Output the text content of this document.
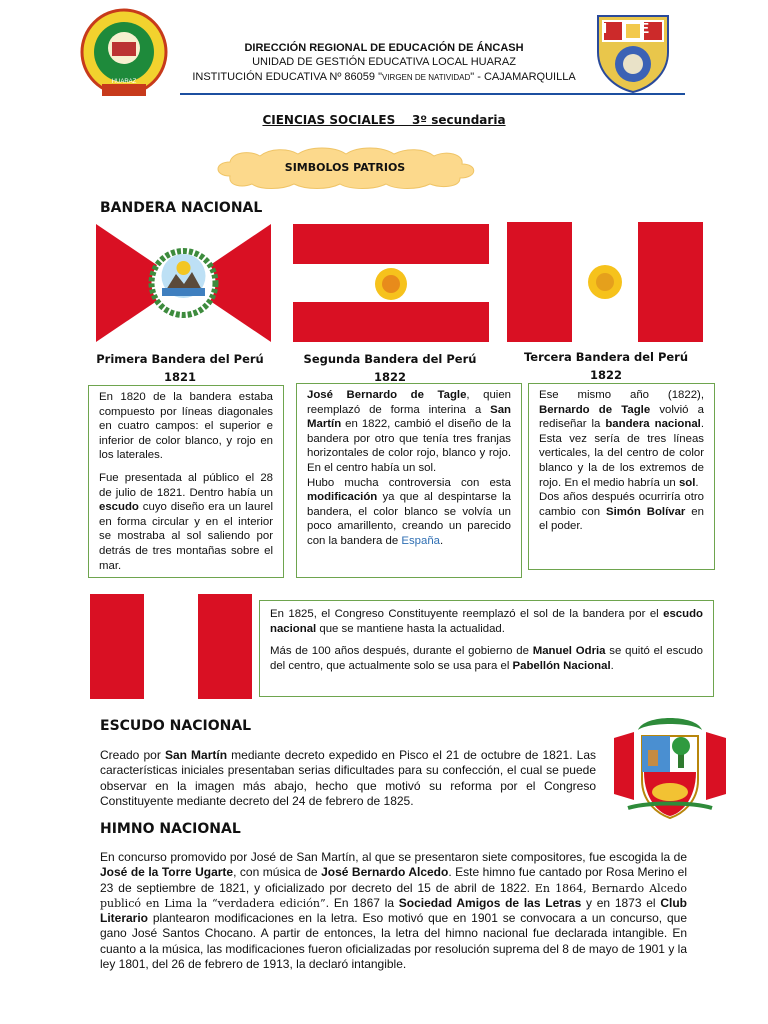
HUARAZ
I E
DIRECCIÓN REGIONAL DE EDUCACIÓN DE ÁNCASH
UNIDAD DE GESTIÓN EDUCATIVA LOCAL HUARAZ
INSTITUCIÓN EDUCATIVA Nº 86059 "VIRGEN DE NATIVIDAD" - CAJAMARQUILLA
CIENCIAS SOCIALES    3º secundaria
SIMBOLOS PATRIOS
BANDERA NACIONAL
Primera Bandera del Perú
1821
Segunda Bandera del Perú
1822
Tercera Bandera del Perú
1822

En 1820 de la bandera estaba compuesto por líneas diagonales en cuatro campos: el superior e inferior de color blanco, y rojo en los laterales.

Fue presentada al público el 28 de julio de 1821. Dentro había un escudo cuyo diseño era un laurel en forma circular y en el interior se mostraba al sol saliendo por detrás de tres montañas sobre el mar.

José Bernardo de Tagle, quien reemplazó de forma interina a San Martín en 1822, cambió el diseño de la bandera por otro que tenía tres franjas horizontales de color rojo, blanco y rojo. En el centro había un sol.

Hubo mucha controversia con esta modificación ya que al despintarse la bandera, el color blanco se volvía un poco amarillento, creando un parecido con la bandera de España.

Ese mismo año (1822), Bernardo de Tagle volvió a rediseñar la bandera nacional. Esta vez sería de tres líneas verticales, la del centro de color blanco y la de los extremos de rojo. En el medio habría un sol.

Dos años después ocurriría otro cambio con Simón Bolívar en el poder.

En 1825, el Congreso Constituyente reemplazó el sol de la bandera por el escudo nacional que se mantiene hasta la actualidad.

Más de 100 años después, durante el gobierno de Manuel Odria se quitó el escudo del centro, que actualmente solo se usa para el Pabellón Nacional.

ESCUDO NACIONAL
Creado por San Martín mediante decreto expedido en Pisco el 21 de octubre de 1821. Las características iniciales presentaban serias dificultades para su confección, el cual se puede observar en la imagen más abajo, hecho que motivó su reforma por el Congreso Constituyente mediante decreto del 24 de febrero de 1825.
HIMNO NACIONAL
En concurso promovido por José de San Martín, al que se presentaron siete compositores, fue escogida la de José de la Torre Ugarte, con música de José Bernardo Alcedo. Este himno fue cantado por Rosa Merino el 23 de septiembre de 1821, y oficializado por decreto del 15 de abril de 1822. En 1864, Bernardo Alcedo publicó en Lima la “verdadera edición”. En 1867 la Sociedad Amigos de las Letras y en 1873 el Club Literario plantearon modificaciones en la letra. Eso motivó que en 1901 se convocara a un concurso, que gano José Santos Chocano. A partir de entonces, la letra del himno nacional fue declarada intangible. En cuanto a la música, las modificaciones fueron oficializadas por resolución suprema del 8 de mayo de 1901 y la ley 1801, del 26 de febrero de 1913, la declaró intangible.
